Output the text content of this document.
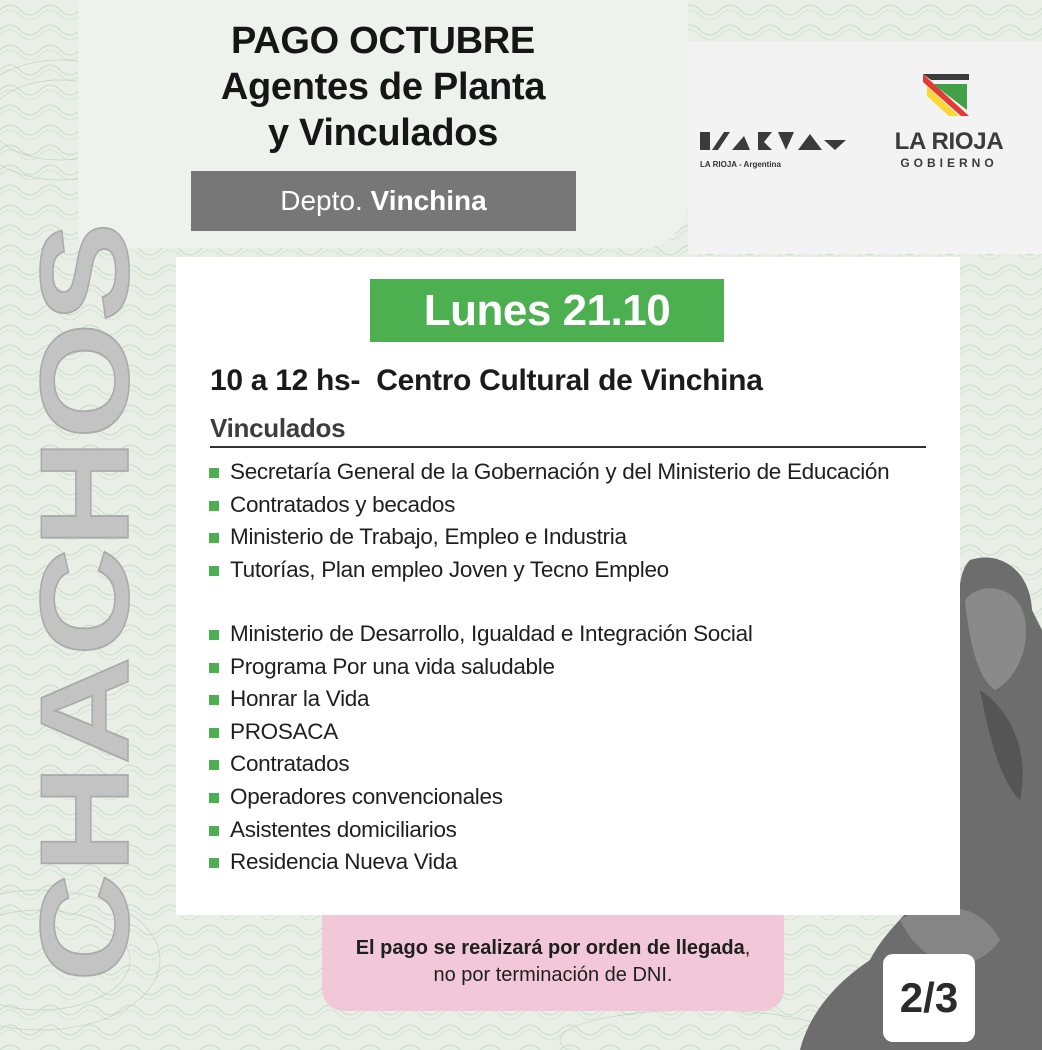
PAGO OCTUBRE
Agentes de Planta
y Vinculados
Depto. Vinchina
LA RIOJA - Argentina
LA RIOJA
GOBIERNO
CHACHOS
Lunes 21.10
10 a 12 hs-  Centro Cultural de Vinchina
Vinculados
Secretaría General de la Gobernación y del Ministerio de Educación
Contratados y becados
Ministerio de Trabajo, Empleo e Industria
Tutorías, Plan empleo Joven y Tecno Empleo
Ministerio de Desarrollo, Igualdad e Integración Social
Programa Por una vida saludable
Honrar la Vida
PROSACA
Contratados
Operadores convencionales
Asistentes domiciliarios
Residencia Nueva Vida
El pago se realizará por orden de llegada,
no por terminación de DNI.	2/3
